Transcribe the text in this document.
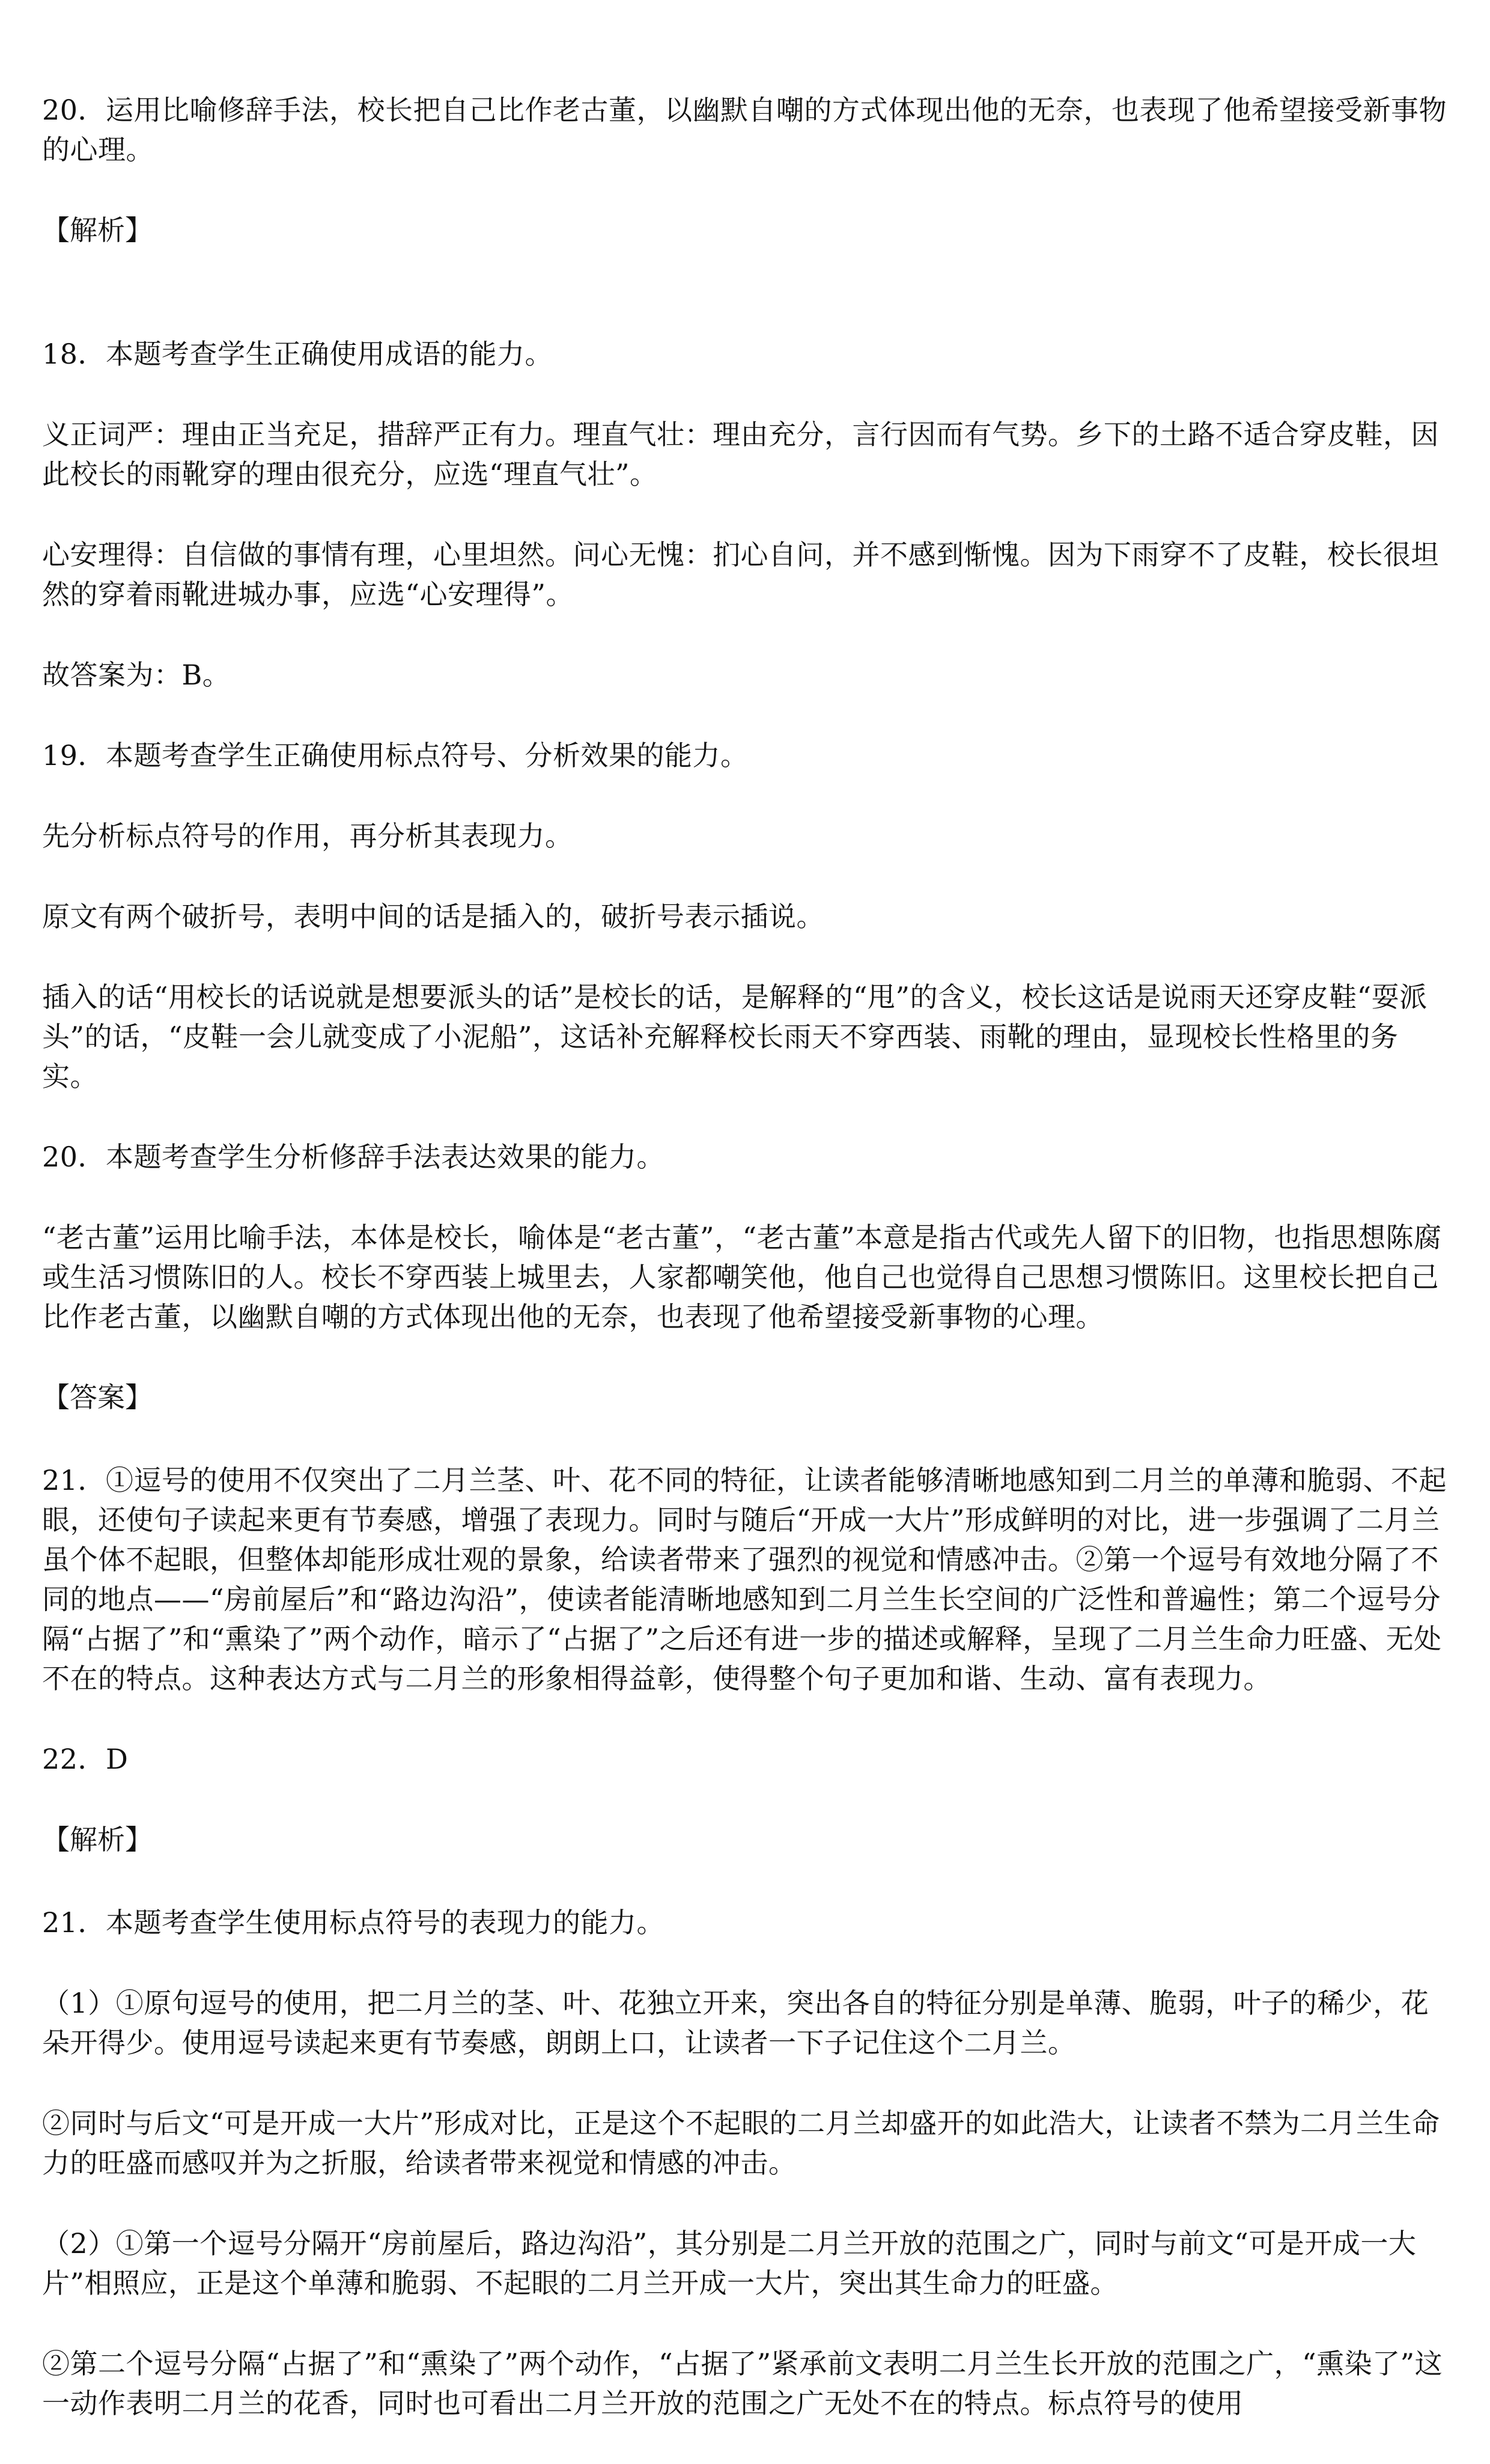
20．运用比喻修辞手法，校长把自己比作老古董，以幽默自嘲的方式体现出他的无奈，也表现了他希望接受新事物的心理。

【解析】

18．本题考查学生正确使用成语的能力。

义正词严：理由正当充足，措辞严正有力。理直气壮：理由充分，言行因而有气势。乡下的土路不适合穿皮鞋，因此校长的雨靴穿的理由很充分，应选“理直气壮”。

心安理得：自信做的事情有理，心里坦然。问心无愧：扪心自问，并不感到惭愧。因为下雨穿不了皮鞋，校长很坦然的穿着雨靴进城办事，应选“心安理得”。

故答案为：B。

19．本题考查学生正确使用标点符号、分析效果的能力。

先分析标点符号的作用，再分析其表现力。

原文有两个破折号，表明中间的话是插入的，破折号表示插说。

插入的话“用校长的话说就是想要派头的话”是校长的话，是解释的“甩”的含义，校长这话是说雨天还穿皮鞋“耍派头”的话，“皮鞋一会儿就变成了小泥船”，这话补充解释校长雨天不穿西装、雨靴的理由，显现校长性格里的务实。

20．本题考查学生分析修辞手法表达效果的能力。

“老古董”运用比喻手法，本体是校长，喻体是“老古董”，“老古董”本意是指古代或先人留下的旧物，也指思想陈腐或生活习惯陈旧的人。校长不穿西装上城里去，人家都嘲笑他，他自己也觉得自己思想习惯陈旧。这里校长把自己比作老古董，以幽默自嘲的方式体现出他的无奈，也表现了他希望接受新事物的心理。

【答案】

21．①逗号的使用不仅突出了二月兰茎、叶、花不同的特征，让读者能够清晰地感知到二月兰的单薄和脆弱、不起眼，还使句子读起来更有节奏感，增强了表现力。同时与随后“开成一大片”形成鲜明的对比，进一步强调了二月兰虽个体不起眼，但整体却能形成壮观的景象，给读者带来了强烈的视觉和情感冲击。②第一个逗号有效地分隔了不同的地点——“房前屋后”和“路边沟沿”，使读者能清晰地感知到二月兰生长空间的广泛性和普遍性；第二个逗号分隔“占据了”和“熏染了”两个动作，暗示了“占据了”之后还有进一步的描述或解释，呈现了二月兰生命力旺盛、无处不在的特点。这种表达方式与二月兰的形象相得益彰，使得整个句子更加和谐、生动、富有表现力。

22．D

【解析】

21．本题考查学生使用标点符号的表现力的能力。

（1）①原句逗号的使用，把二月兰的茎、叶、花独立开来，突出各自的特征分别是单薄、脆弱，叶子的稀少，花朵开得少。使用逗号读起来更有节奏感，朗朗上口，让读者一下子记住这个二月兰。

②同时与后文“可是开成一大片”形成对比，正是这个不起眼的二月兰却盛开的如此浩大，让读者不禁为二月兰生命力的旺盛而感叹并为之折服，给读者带来视觉和情感的冲击。

（2）①第一个逗号分隔开“房前屋后，路边沟沿”，其分别是二月兰开放的范围之广，同时与前文“可是开成一大片”相照应，正是这个单薄和脆弱、不起眼的二月兰开成一大片，突出其生命力的旺盛。

②第二个逗号分隔“占据了”和“熏染了”两个动作，“占据了”紧承前文表明二月兰生长开放的范围之广，“熏染了”这一动作表明二月兰的花香，同时也可看出二月兰开放的范围之广无处不在的特点。标点符号的使用
